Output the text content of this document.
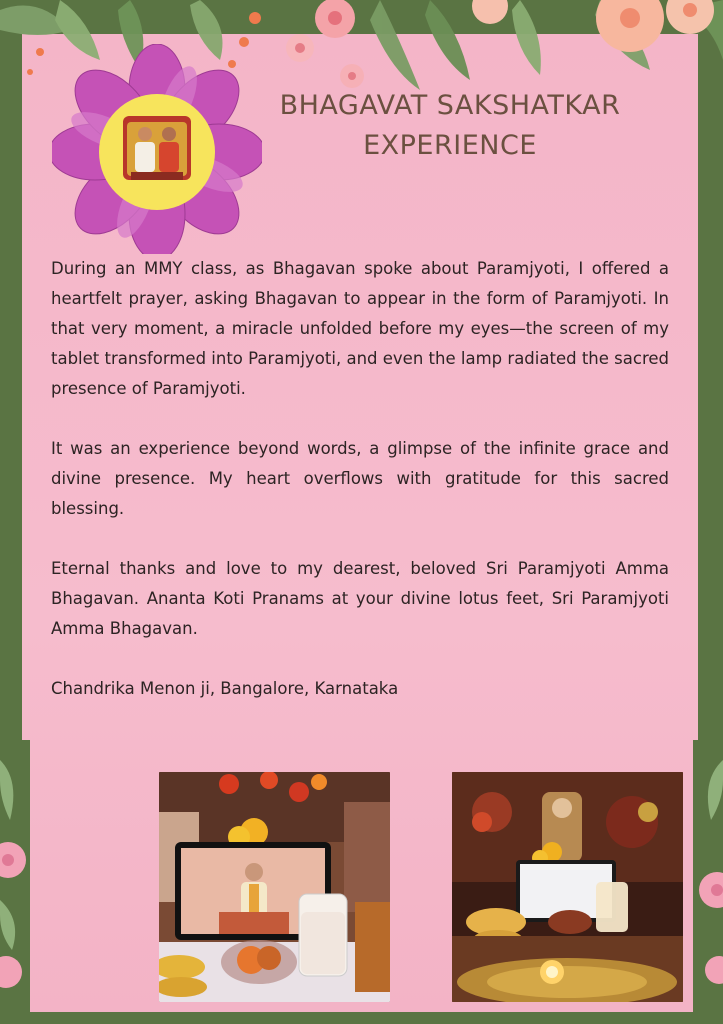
BHAGAVAT SAKSHATKAR
EXPERIENCE

During an MMY class, as Bhagavan spoke about Paramjyoti, I offered a heartfelt prayer, asking Bhagavan to appear in the form of Paramjyoti. In that very moment, a miracle unfolded before my eyes—the screen of my tablet transformed into Paramjyoti, and even the lamp radiated the sacred presence of Paramjyoti.

It was an experience beyond words, a glimpse of the infinite grace and divine presence. My heart overflows with gratitude for this sacred blessing.

Eternal thanks and love to my dearest, beloved Sri Paramjyoti Amma Bhagavan. Ananta Koti Pranams at your divine lotus feet, Sri Paramjyoti Amma Bhagavan.

Chandrika Menon ji, Bangalore, Karnataka
